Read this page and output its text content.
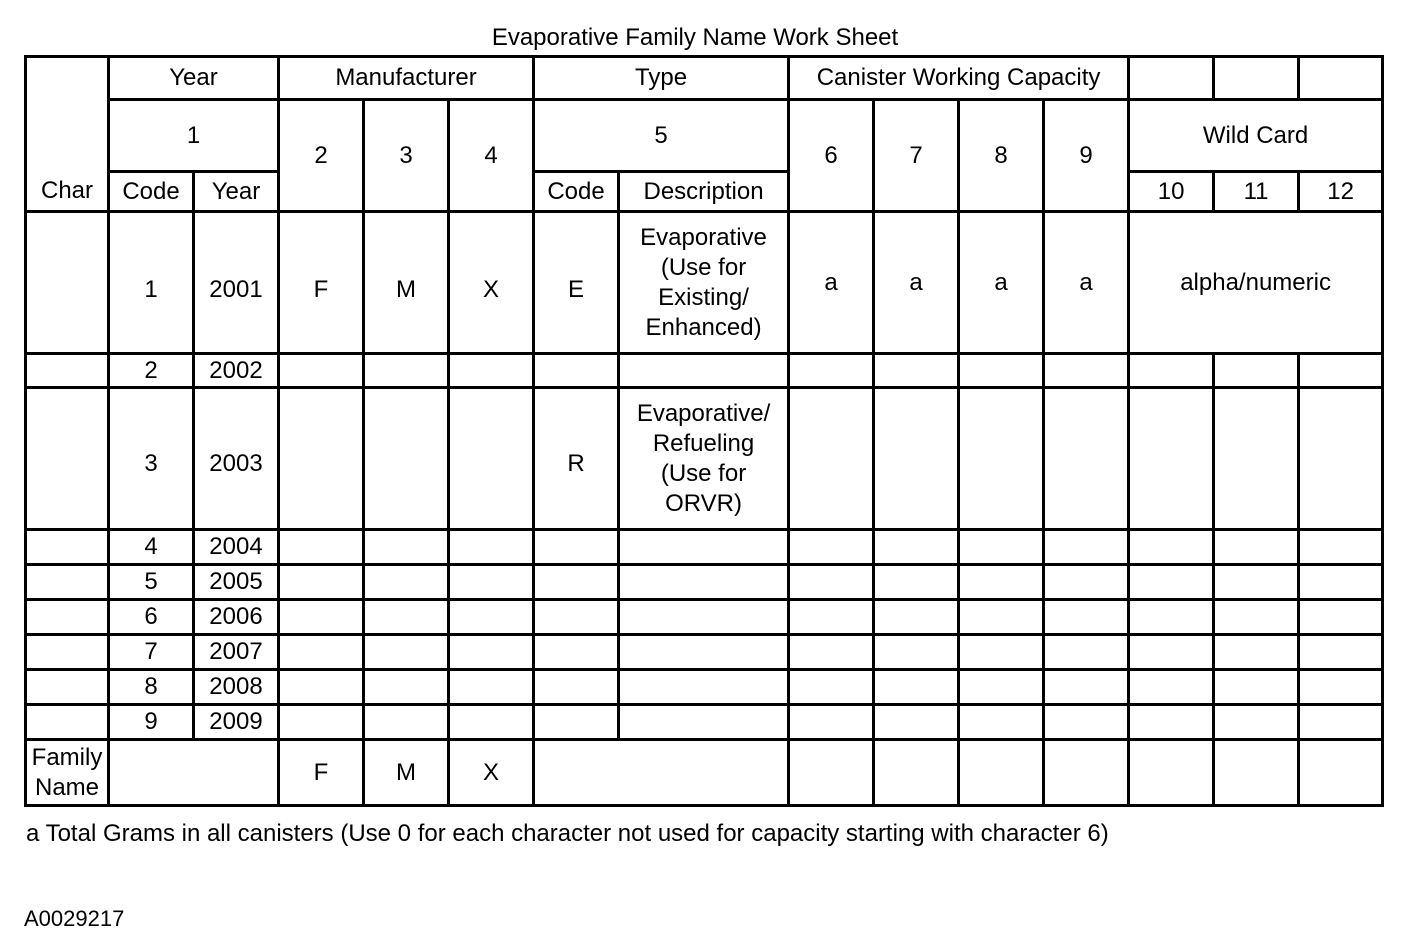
Evaporative Family Name Work Sheet
Char	Year		Manufacturer			Type		Canister Working Capacity						
	1		2	3	4	5		6	7	8	9	Wild Card		
	Code	Year				Code	Description					10	11	12
	1	2001	F	M	X	E	Evaporative
(Use for
Existing/
Enhanced)	a	a	a	a	alpha/numeric		
	2	2002												
	3	2003				R	Evaporative/
Refueling
(Use for
ORVR)							

	4	2004												
	5	2005												
	6	2006												
	7	2007												
	8	2008												
	9	2009												

Family
Name			F	M	X									
a Total Grams in all canisters (Use 0 for each character not used for capacity starting with character 6)
A0029217
